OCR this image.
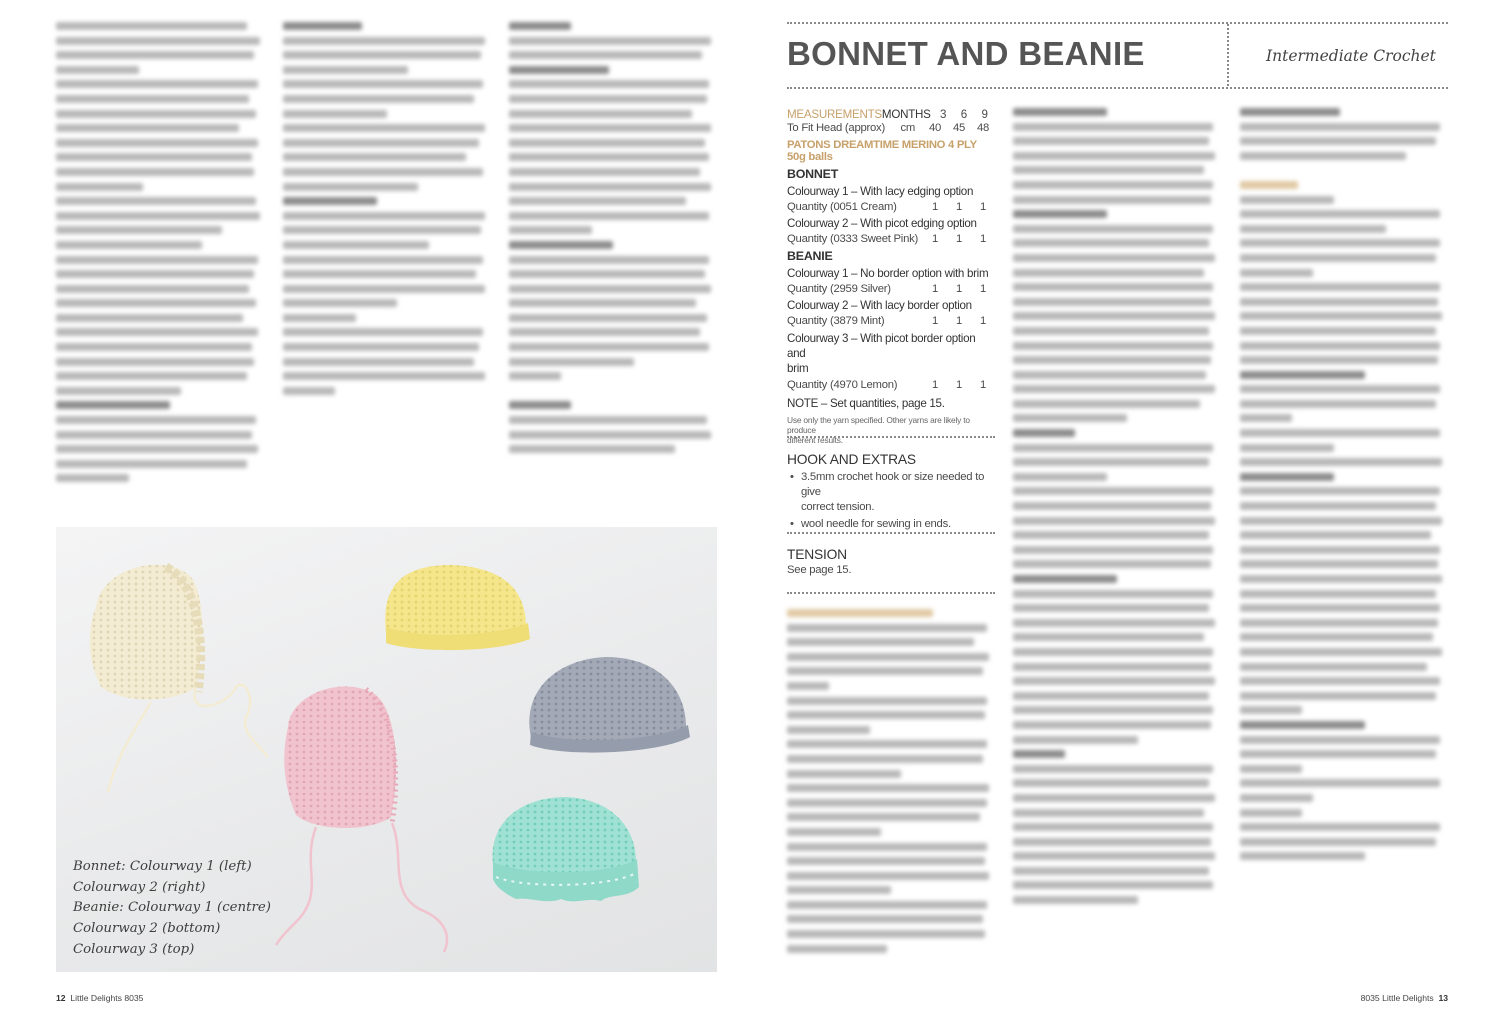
Bonnet: Colourway 1 (left)
Colourway 2 (right)
Beanie: Colourway 1 (centre)
Colourway 2 (bottom)
Colourway 3 (top)
BONNET AND BEANIE	Intermediate Crochet
MEASUREMENTS MONTHS 3	6	9
To Fit Head (approx)	cm	40	45	48
PATONS DREAMTIME MERINO 4 PLY 50g balls
BONNET
Colourway 1 – With lacy edging option
Quantity (0051 Cream)	1	1	1
Colourway 2 – With picot edging option
Quantity (0333 Sweet Pink)	1	1	1
BEANIE
Colourway 1 – No border option with brim
Quantity (2959 Silver)	1	1	1
Colourway 2 – With lacy border option
Quantity (3879 Mint)	1	1	1
Colourway 3 – With picot border option and
brim
Quantity (4970 Lemon)	1	1	1
NOTE – Set quantities, page 15.
Use only the yarn specified. Other yarns are likely to produce
different results.
HOOK AND EXTRAS
• 3.5mm crochet hook or size needed to give
correct tension.
• wool needle for sewing in ends.
TENSION
See page 15.
12 Little Delights 8035	8035 Little Delights 13
